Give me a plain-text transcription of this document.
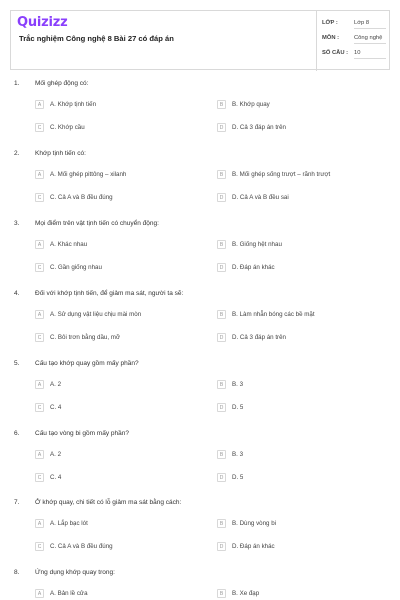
Quizizz
Trắc nghiệm Công nghệ 8 Bài 27 có đáp án
LỚP :	Lớp 8
MÔN :	Công nghệ
SỐ CÂU : 10
1. Mối ghép động có:
A	A. Khớp tịnh tiến	B	B. Khớp quay
C	C. Khớp cầu	D	D. Cả 3 đáp án trên
2. Khớp tịnh tiến có:
A	A. Mối ghép pittông – xilanh	B	B. Mối ghép sống trượt – rãnh trượt
C	C. Cả A và B đều đúng	D	D. Cả A và B đều sai
3. Mọi điểm trên vật tịnh tiến có chuyển động:
A	A. Khác nhau	B	B. Giống hệt nhau
C	C. Gần giống nhau	D	D. Đáp án khác
4. Đối với khớp tịnh tiến, để giảm ma sát, người ta sẽ:
A	A. Sử dụng vật liệu chịu mài mòn	B	B. Làm nhẵn bóng các bề mặt
C	C. Bôi trơn bằng dầu, mỡ	D	D. Cả 3 đáp án trên
5. Cấu tạo khớp quay gồm mấy phần?
A	A. 2	B	B. 3
C	C. 4	D	D. 5
6. Cấu tạo vòng bi gồm mấy phần?
A	A. 2	B	B. 3
C	C. 4	D	D. 5
7. Ở khớp quay, chi tiết có lỗ giảm ma sát bằng cách:
A	A. Lắp bạc lót	B	B. Dùng vòng bi
C	C. Cả A và B đều đúng	D	D. Đáp án khác
8. Ứng dụng khớp quay trong:
A	A. Bản lề cửa	B	B. Xe đạp
